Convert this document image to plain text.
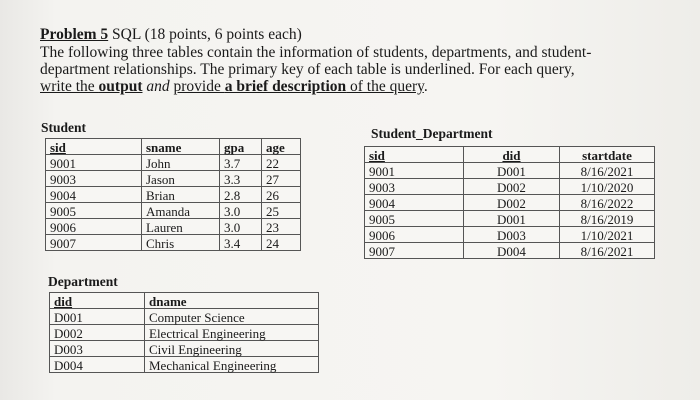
Problem 5 SQL (18 points, 6 points each)
The following three tables contain the information of students, departments, and student-
department relationships. The primary key of each table is underlined. For each query,
write the output and provide a brief description of the query.
Student
sid	sname	gpa	age
9001	John	3.7	22
9003	Jason	3.3	27
9004	Brian	2.8	26
9005	Amanda	3.0	25
9006	Lauren	3.0	23
9007	Chris	3.4	24
Student_Department
sid	did	startdate
9001	D001	8/16/2021
9003	D002	1/10/2020
9004	D002	8/16/2022
9005	D001	8/16/2019
9006	D003	1/10/2021
9007	D004	8/16/2021
Department
did	dname
D001	Computer Science
D002	Electrical Engineering
D003	Civil Engineering
D004	Mechanical Engineering
